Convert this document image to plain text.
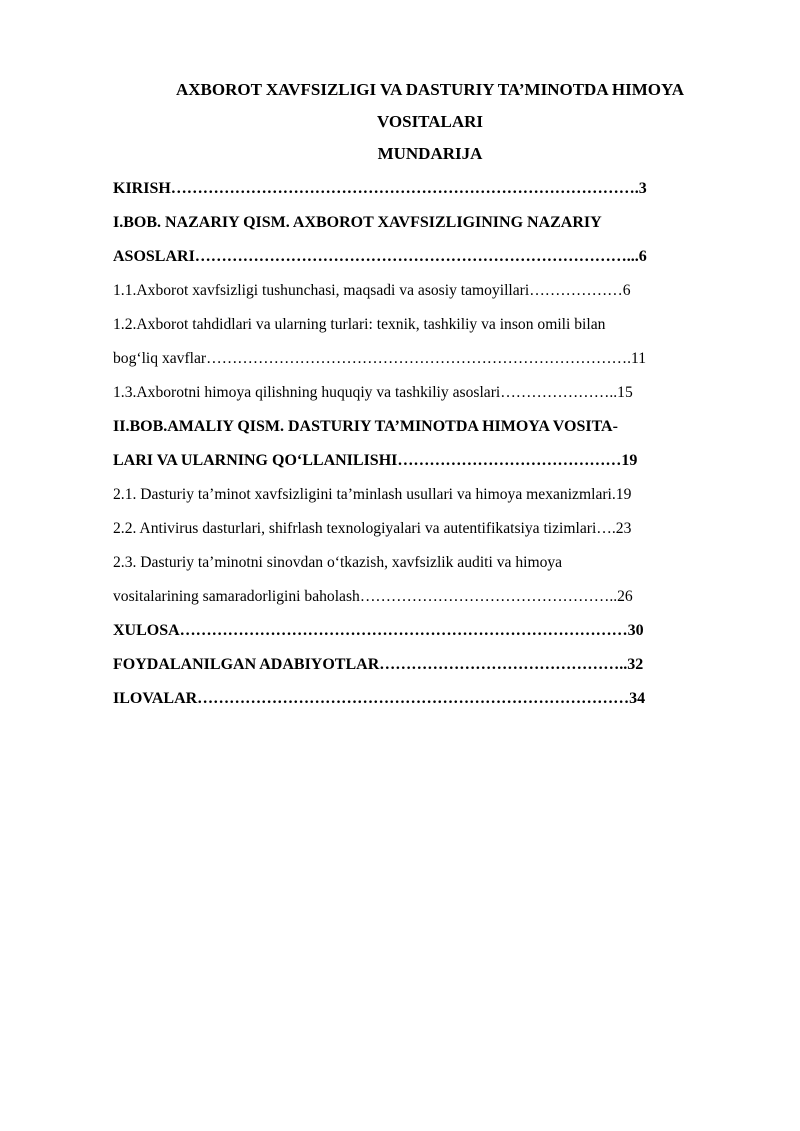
AXBOROT XAVFSIZLIGI VA DASTURIY TA’MINOTDA HIMOYA
VOSITALARI
MUNDARIJA
KIRISH…………………………………………………………………………….3
I.BOB. NAZARIY QISM. AXBOROT XAVFSIZLIGINING NAZARIY
ASOSLARI………………………………………………………………………...6
1.1.Axborot xavfsizligi tushunchasi, maqsadi va asosiy tamoyillari………………6
1.2.Axborot tahdidlari va ularning turlari: texnik, tashkiliy va inson omili bilan
bog‘liq xavflar……………………………………………………………………….11
1.3.Axborotni himoya qilishning huquqiy va tashkiliy asoslari…………………..15
II.BOB.AMALIY QISM. DASTURIY TA’MINOTDA HIMOYA VOSITA-
LARI VA ULARNING QO‘LLANILISHI……………………………………19
2.1. Dasturiy ta’minot xavfsizligini ta’minlash usullari va himoya mexanizmlari.19
2.2. Antivirus dasturlari, shifrlash texnologiyalari va autentifikatsiya tizimlari….23
2.3. Dasturiy ta’minotni sinovdan o‘tkazish, xavfsizlik auditi va himoya
vositalarining samaradorligini baholash…………………………………………..26
XULOSA…………………………………………………………………………30
FOYDALANILGAN ADABIYOTLAR………………………………………..32
ILOVALAR………………………………………………………………………34
